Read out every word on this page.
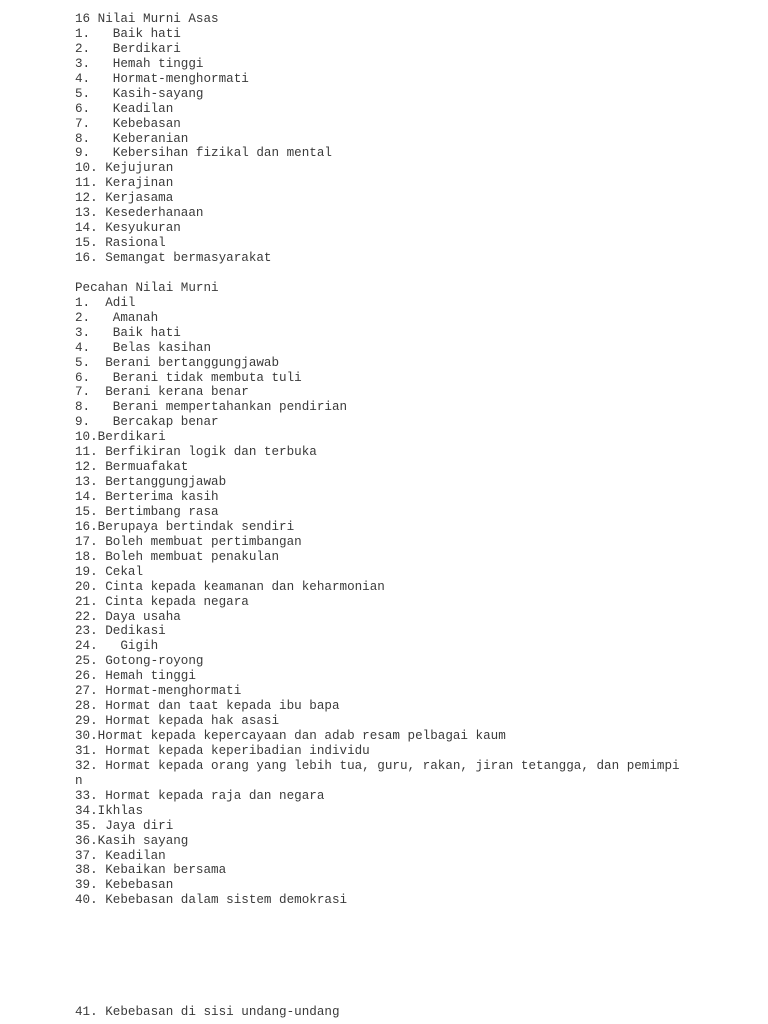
16 Nilai Murni Asas
1.   Baik hati
2.   Berdikari
3.   Hemah tinggi
4.   Hormat-menghormati
5.   Kasih-sayang
6.   Keadilan
7.   Kebebasan
8.   Keberanian
9.   Kebersihan fizikal dan mental
10. Kejujuran
11. Kerajinan
12. Kerjasama
13. Kesederhanaan
14. Kesyukuran
15. Rasional
16. Semangat bermasyarakat
Pecahan Nilai Murni
1.  Adil
2.   Amanah
3.   Baik hati
4.   Belas kasihan
5.  Berani bertanggungjawab
6.   Berani tidak membuta tuli
7.  Berani kerana benar
8.   Berani mempertahankan pendirian
9.   Bercakap benar
10.Berdikari
11. Berfikiran logik dan terbuka
12. Bermuafakat
13. Bertanggungjawab
14. Berterima kasih
15. Bertimbang rasa
16.Berupaya bertindak sendiri
17. Boleh membuat pertimbangan
18. Boleh membuat penakulan
19. Cekal
20. Cinta kepada keamanan dan keharmonian
21. Cinta kepada negara
22. Daya usaha
23. Dedikasi
24.   Gigih
25. Gotong-royong
26. Hemah tinggi
27. Hormat-menghormati
28. Hormat dan taat kepada ibu bapa
29. Hormat kepada hak asasi
30.Hormat kepada kepercayaan dan adab resam pelbagai kaum
31. Hormat kepada keperibadian individu
32. Hormat kepada orang yang lebih tua, guru, rakan, jiran tetangga, dan pemimpin
33. Hormat kepada raja dan negara
34.Ikhlas
35. Jaya diri
36.Kasih sayang
37. Keadilan
38. Kebaikan bersama
39. Kebebasan
40. Kebebasan dalam sistem demokrasi
41. Kebebasan di sisi undang-undang
